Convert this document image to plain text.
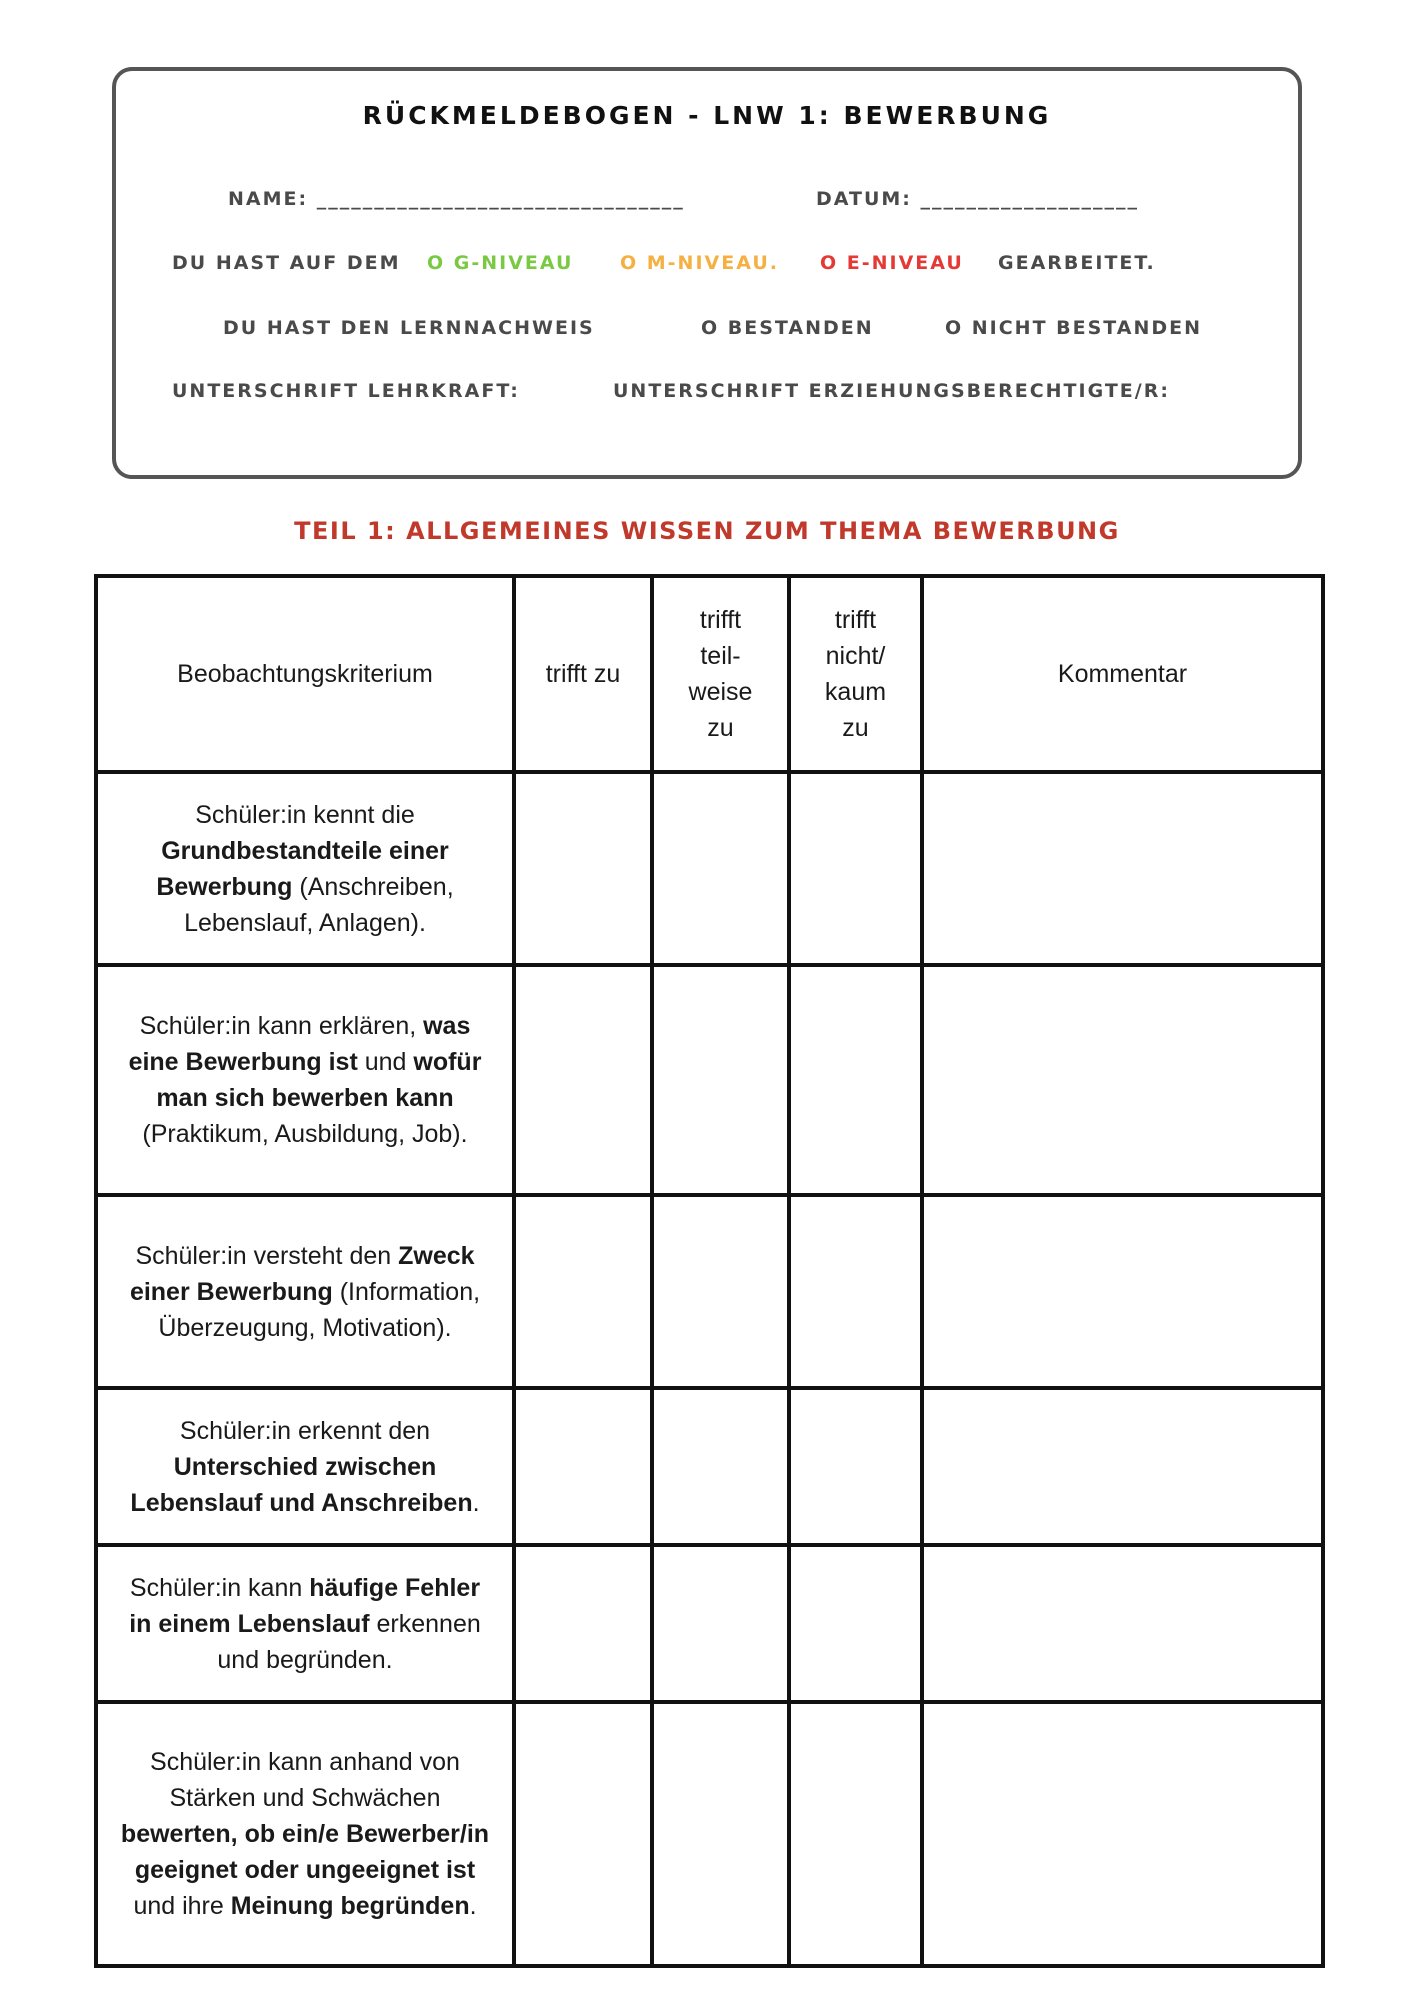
RÜCKMELDEBOGEN - LNW 1: BEWERBUNG
NAME: ________________________________	DATUM: ___________________
DU HAST AUF DEM O G-NIVEAU O M-NIVEAU. O E-NIVEAU GEARBEITET.
DU HAST DEN LERNNACHWEIS	O BESTANDEN	O NICHT BESTANDEN
UNTERSCHRIFT LEHRKRAFT:	UNTERSCHRIFT ERZIEHUNGSBERECHTIGTE/R:
TEIL 1: ALLGEMEINES WISSEN ZUM THEMA BEWERBUNG
Beobachtungskriterium	trifft zu	trifft
teil-
weise
zu	trifft
nicht/
kaum
zu	Kommentar
Schüler:in kennt die Grundbestandteile einer Bewerbung (Anschreiben, Lebenslauf, Anlagen).				
Schüler:in kann erklären, was eine Bewerbung ist und wofür man sich bewerben kann (Praktikum, Ausbildung, Job).				
Schüler:in versteht den Zweck einer Bewerbung (Information, Überzeugung, Motivation).				
Schüler:in erkennt den Unterschied zwischen Lebenslauf und Anschreiben.				
Schüler:in kann häufige Fehler in einem Lebenslauf erkennen und begründen.				
Schüler:in kann anhand von Stärken und Schwächen bewerten, ob ein/e Bewerber/in geeignet oder ungeeignet ist und ihre Meinung begründen.				
